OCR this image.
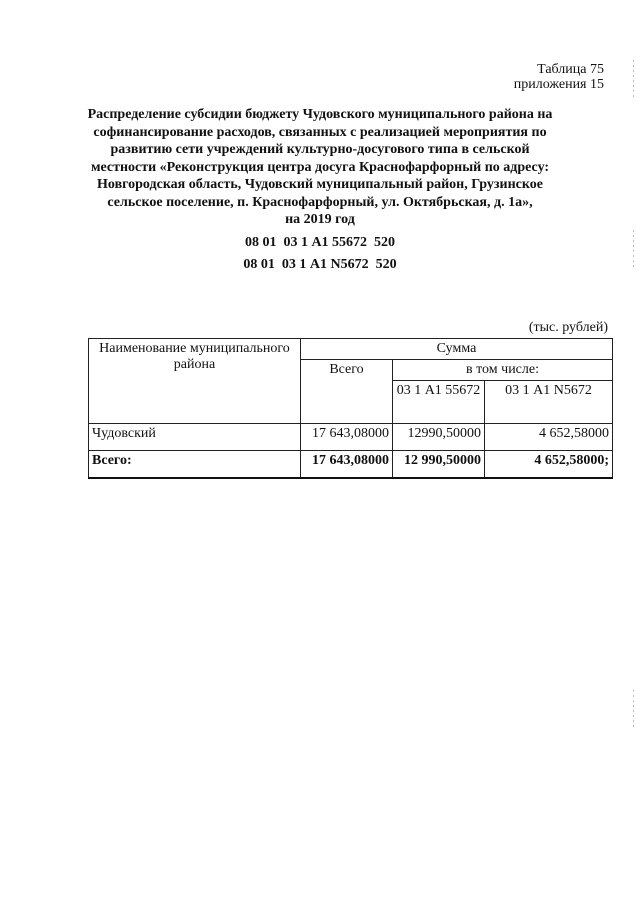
Таблица 75
приложения 15
Распределение субсидии бюджету Чудовского муниципального района на
софинансирование расходов, связанных с реализацией мероприятия по
развитию сети учреждений культурно-досугового типа в сельской
местности «Реконструкция центра досуга Краснофарфорный по адресу:
Новгородская область, Чудовский муниципальный район, Грузинское
сельское поселение, п. Краснофарфорный, ул. Октябрьская, д. 1а»,
на 2019 год
08 01  03 1 А1 55672  520
08 01  03 1 А1 N5672  520
(тыс. рублей)
Наименование муниципального района	Сумма		
	Всего	в том числе:	
		03 1 А1 55672	03 1 А1 N5672
Чудовский	17 643,08000	12990,50000	4 652,58000
Всего:	17 643,08000	12 990,50000	4 652,58000;
